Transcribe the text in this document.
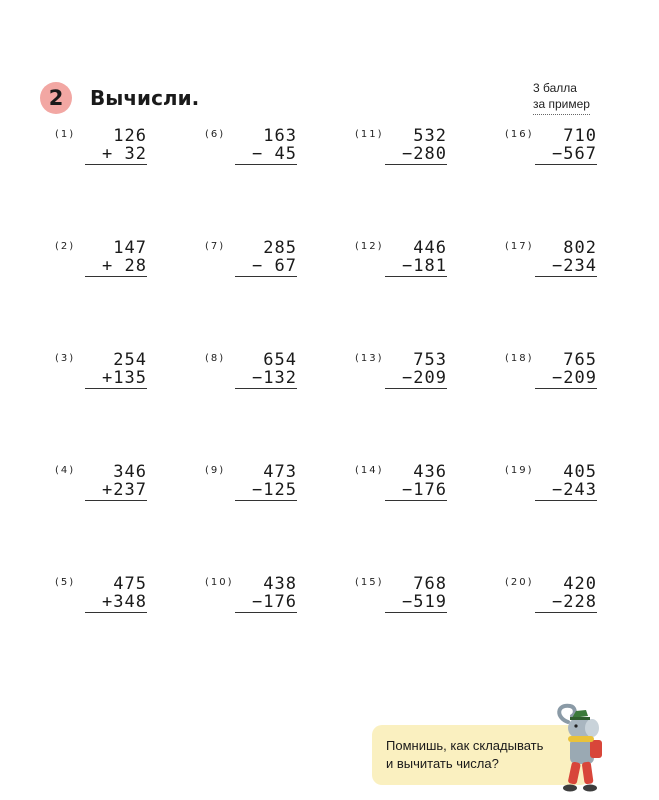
2	Вычисли.	3 балла
за пример
(1)	126
+ 32
(6)	163
− 45
(11)	532
−280
(16)	710
−567
(2)	147
+ 28
(7)	285
− 67
(12)	446
−181
(17)	802
−234
(3)	254
+135
(8)	654
−132
(13)	753
−209
(18)	765
−209
(4)	346
+237
(9)	473
−125
(14)	436
−176
(19)	405
−243
(5)	475
+348
(10)	438
−176
(15)	768
−519
(20)	420
−228
Помнишь, как складывать
и вычитать числа?
